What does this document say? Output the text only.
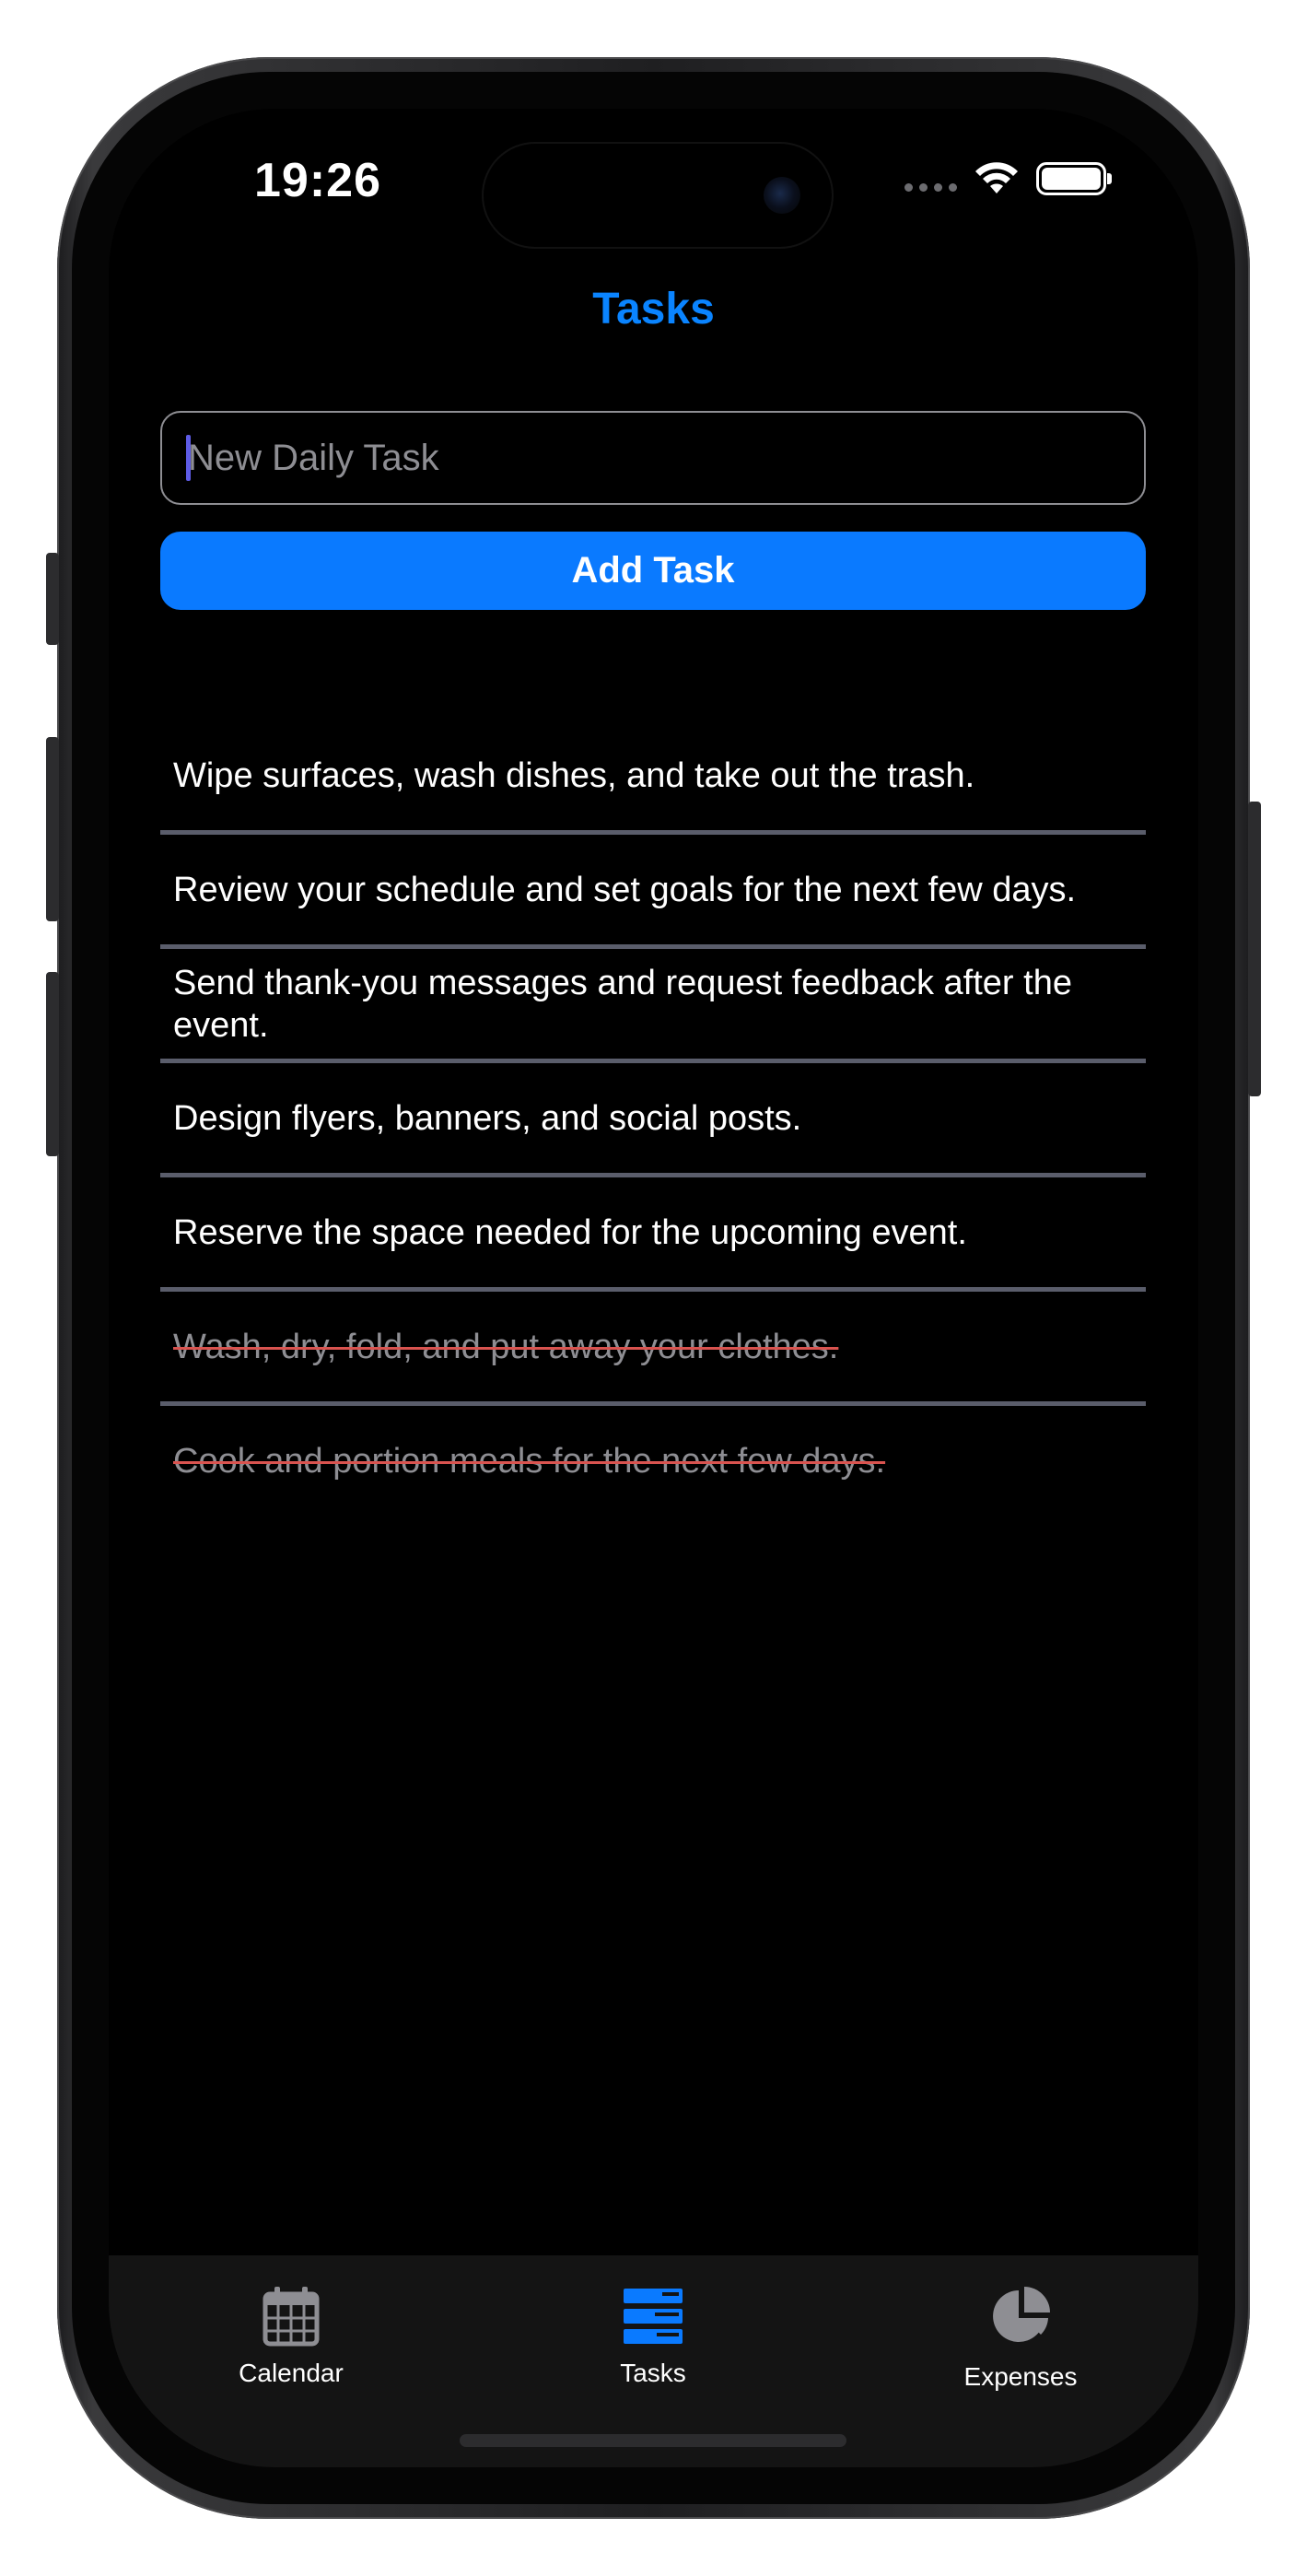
19:26
Tasks
New Daily Task
Add Task
Wipe surfaces, wash dishes, and take out the trash.
Review your schedule and set goals for the next few days.
Send thank-you messages and request feedback after the event.
Design flyers, banners, and social posts.
Reserve the space needed for the upcoming event.
Wash, dry, fold, and put away your clothes.
Cook and portion meals for the next few days.
Calendar	Tasks	Expenses
